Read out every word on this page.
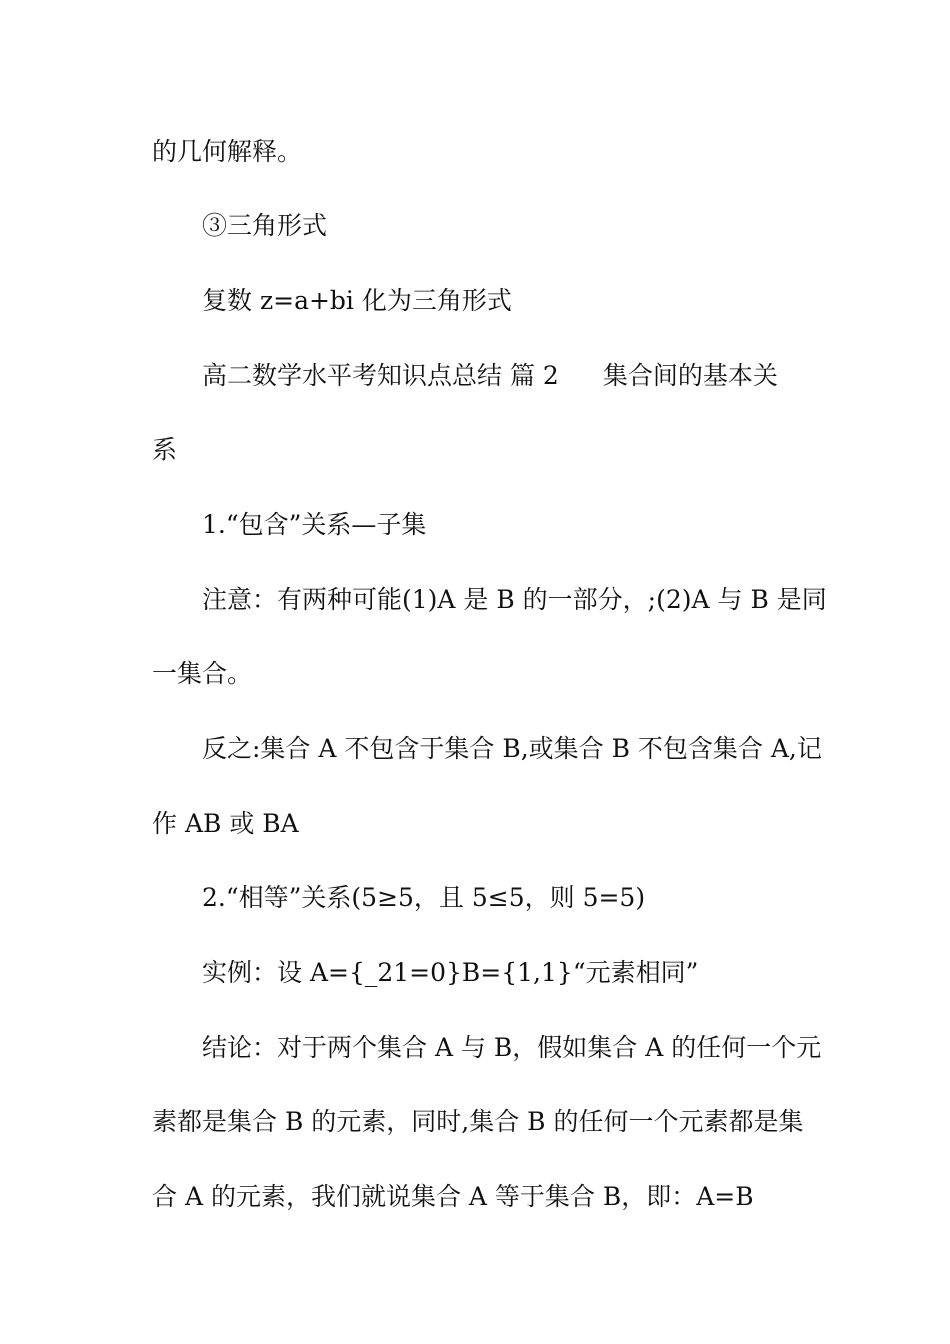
的几何解释。
③三角形式
复数 z=a+bi 化为三角形式
高二数学水平考知识点总结 篇 2 集合间的基本关
系
1.“包含”关系—子集
注意：有两种可能(1)A 是 B 的一部分，;(2)A 与 B 是同
一集合。
反之:集合 A 不包含于集合 B,或集合 B 不包含集合 A,记
作 AB 或 BA
2.“相等”关系(5≥5，且 5≤5，则 5=5)
实例：设 A={_21=0}B={1,1}“元素相同”
结论：对于两个集合 A 与 B，假如集合 A 的任何一个元
素都是集合 B 的元素，同时,集合 B 的任何一个元素都是集
合 A 的元素，我们就说集合 A 等于集合 B，即：A=B
